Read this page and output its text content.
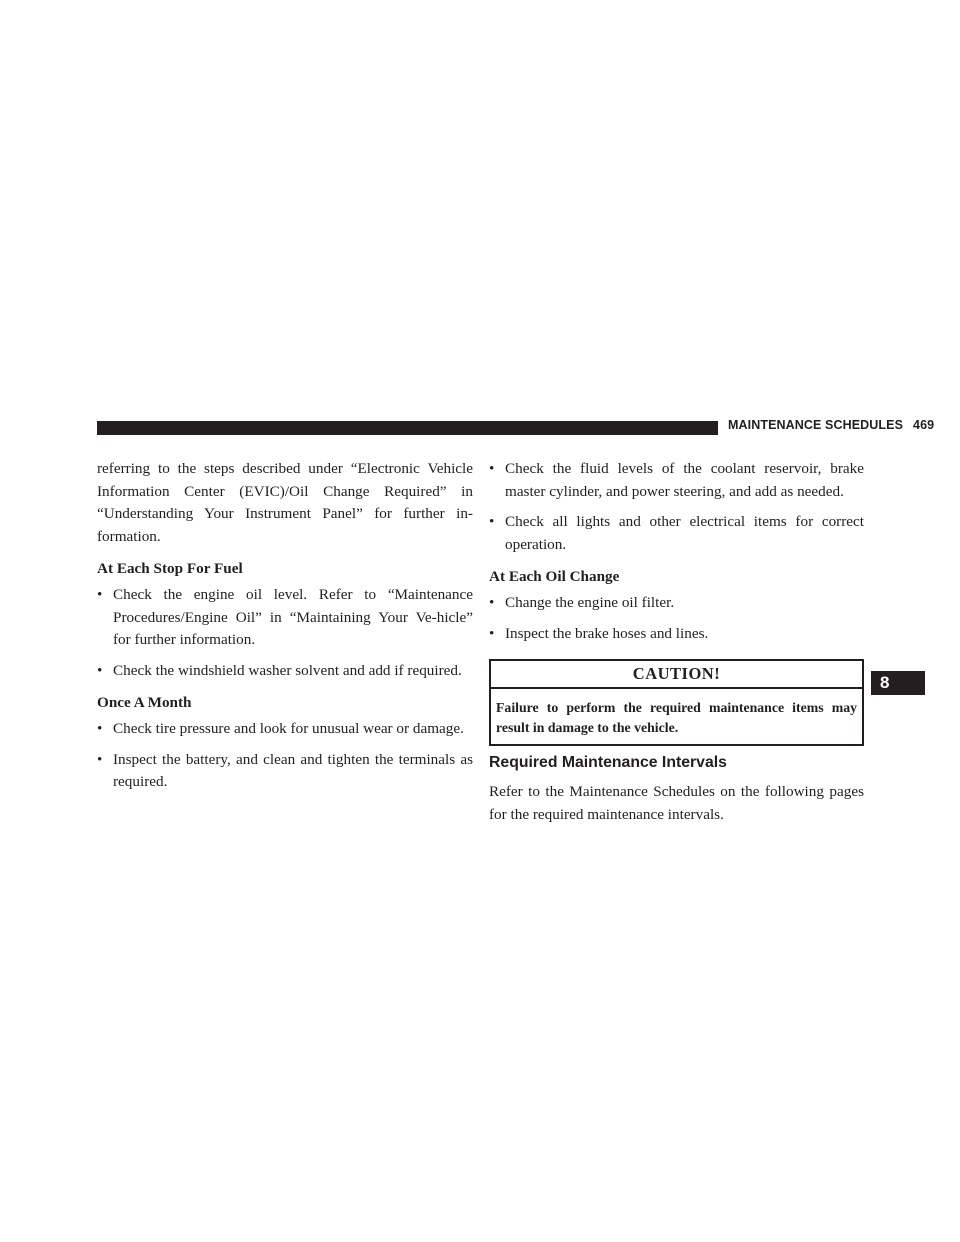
MAINTENANCE SCHEDULES 469
8

referring to the steps described under “Electronic Vehicle Information Center (EVIC)/Oil Change Required” in “Understanding Your Instrument Panel” for further in-formation.

At Each Stop For Fuel
• Check the engine oil level. Refer to “Maintenance Procedures/Engine Oil” in “Maintaining Your Ve-hicle” for further information.
• Check the windshield washer solvent and add if required.
Once A Month
• Check tire pressure and look for unusual wear or damage.
• Inspect the battery, and clean and tighten the terminals as required.
• Check the fluid levels of the coolant reservoir, brake master cylinder, and power steering, and add as needed.
• Check all lights and other electrical items for correct operation.
At Each Oil Change
• Change the engine oil filter.
• Inspect the brake hoses and lines.
CAUTION!
Failure to perform the required maintenance items may result in damage to the vehicle.
Required Maintenance Intervals

Refer to the Maintenance Schedules on the following pages for the required maintenance intervals.
